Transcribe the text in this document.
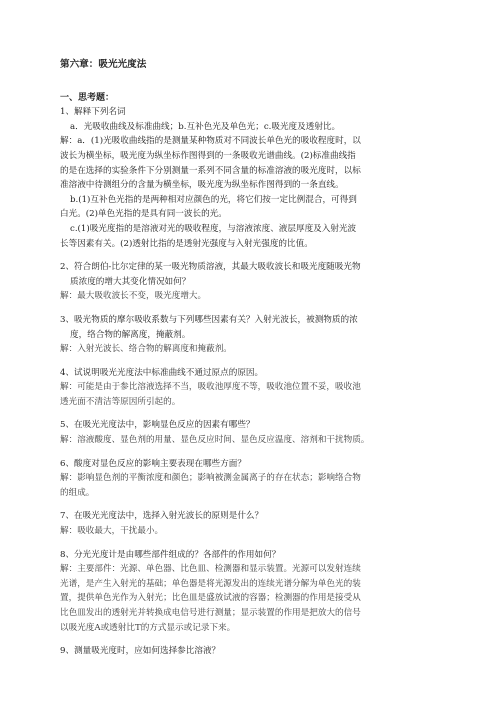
第六章：吸光光度法

一、思考题：

1、解释下列名词

a．光吸收曲线及标准曲线；b.互补色光及单色光；c.吸光度及透射比。

解：a．(1)光吸收曲线指的是测量某种物质对不同波长单色光的吸收程度时，以

波长为横坐标，吸光度为纵坐标作图得到的一条吸收光谱曲线。(2)标准曲线指

的是在选择的实验条件下分别测量一系列不同含量的标准溶液的吸光度时，以标

准溶液中待测组分的含量为横坐标，吸光度为纵坐标作图得到的一条直线。

b.(1)互补色光指的是两种相对应颜色的光，将它们按一定比例混合，可得到

白光。(2)单色光指的是具有同一波长的光。

c.(1)吸光度指的是溶液对光的吸收程度，与溶液浓度、液层厚度及入射光波

长等因素有关。(2)透射比指的是透射光强度与入射光强度的比值。

2、符合朗伯-比尔定律的某一吸光物质溶液，其最大吸收波长和吸光度随吸光物

质浓度的增大其变化情况如何？

解：最大吸收波长不变，吸光度增大。

3、吸光物质的摩尔吸收系数与下列哪些因素有关？入射光波长，被测物质的浓

度，络合物的解离度，掩蔽剂。

解：入射光波长、络合物的解离度和掩蔽剂。

4、试说明吸光光度法中标准曲线不通过原点的原因。

解：可能是由于参比溶液选择不当，吸收池厚度不等，吸收池位置不妥，吸收池

透光面不清洁等原因所引起的。

5、在吸光光度法中，影响显色反应的因素有哪些？

解：溶液酸度、显色剂的用量、显色反应时间、显色反应温度、溶剂和干扰物质。

6、酸度对显色反应的影响主要表现在哪些方面？

解：影响显色剂的平衡浓度和颜色；影响被测金属离子的存在状态；影响络合物

的组成。

7、在吸光光度法中，选择入射光波长的原则是什么？

解：吸收最大，干扰最小。

8、分光光度计是由哪些部件组成的？各部件的作用如何？

解：主要部件：光源、单色器、比色皿、检测器和显示装置。光源可以发射连续

光谱，是产生入射光的基础；单色器是将光源发出的连续光谱分解为单色光的装

置，提供单色光作为入射光；比色皿是盛放试液的容器；检测器的作用是接受从

比色皿发出的透射光并转换成电信号进行测量；显示装置的作用是把放大的信号

以吸光度A或透射比T的方式显示或记录下来。

9、测量吸光度时，应如何选择参比溶液？
